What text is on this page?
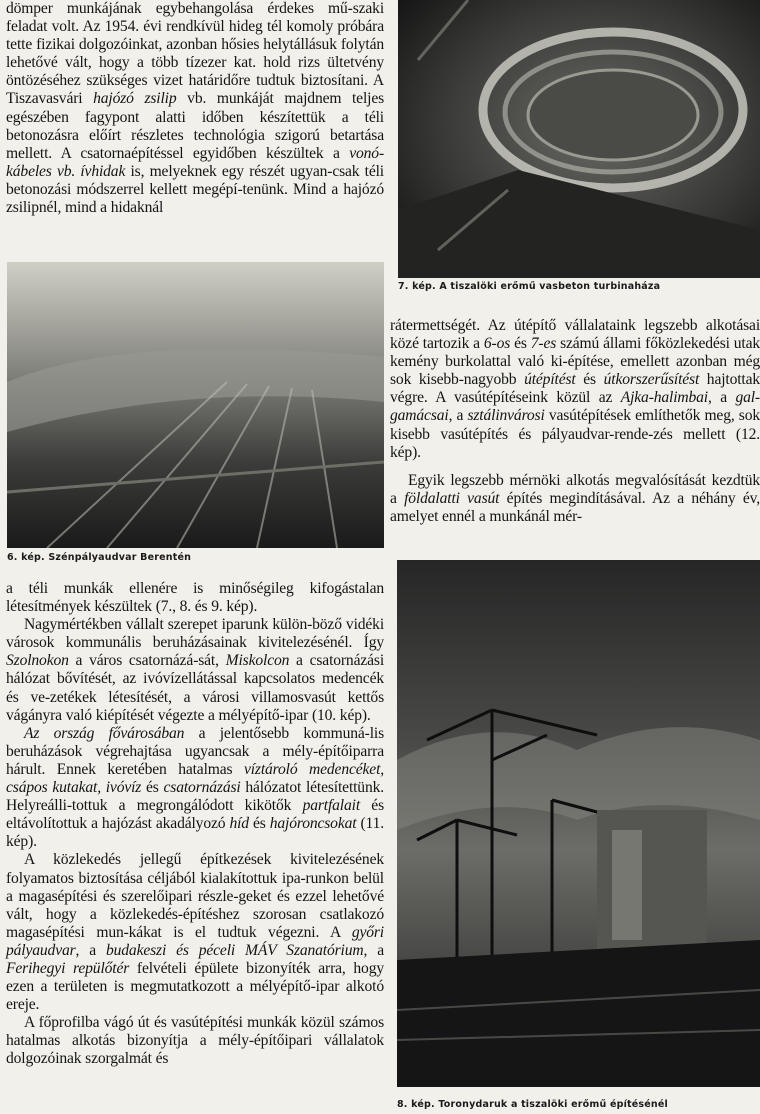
dömper munkájának egybehangolása érdekes mű-szaki feladat volt. Az 1954. évi rendkívül hideg tél komoly próbára tette fizikai dolgozóinkat, azonban hősies helytállásuk folytán lehetővé vált, hogy a több tízezer kat. hold rizs ültetvény öntözéséhez szükséges vizet határidőre tudtuk biztosítani. A Tiszavasvári hajózó zsilip vb. munkáját majdnem teljes egészében fagypont alatti időben készítettük a téli betonozásra előírt részletes technológia szigorú betartása mellett. A csatornaépítéssel egyidőben készültek a vonó-kábeles vb. ívhidak is, melyeknek egy részét ugyan-csak téli betonozási módszerrel kellett megépí-tenünk. Mind a hajózó zsilipnél, mind a hidaknál

7. kép. A tiszalöki erőmű vasbeton turbinaháza
6. kép. Szénpályaudvar Berentén

a téli munkák ellenére is minőségileg kifogástalan létesítmények készültek (7., 8. és 9. kép).

Nagymértékben vállalt szerepet iparunk külön-böző vidéki városok kommunális beruházásainak kivitelezésénél. Így Szolnokon a város csatornázá-sát, Miskolcon a csatornázási hálózat bővítését, az ivóvízellátással kapcsolatos medencék és ve-zetékek létesítését, a városi villamosvasút kettős vágányra való kiépítését végezte a mélyépítő-ipar (10. kép).

Az ország fővárosában a jelentősebb kommuná-lis beruházások végrehajtása ugyancsak a mély-építőiparra hárult. Ennek keretében hatalmas víztároló medencéket, csápos kutakat, ivóvíz és csatornázási hálózatot létesítettünk. Helyreálli-tottuk a megrongálódott kikötők partfalait és eltávolítottuk a hajózást akadályozó híd és hajóroncsokat (11. kép).

A közlekedés jellegű építkezések kivitelezésének folyamatos biztosítása céljából kialakítottuk ipa-runkon belül a magasépítési és szerelőipari részle-geket és ezzel lehetővé vált, hogy a közlekedés-építéshez szorosan csatlakozó magasépítési mun-kákat is el tudtuk végezni. A győri pályaudvar, a budakeszi és péceli MÁV Szanatórium, a Ferihegyi repülőtér felvételi épülete bizonyíték arra, hogy ezen a területen is megmutatkozott a mélyépítő-ipar alkotó ereje.

A főprofilba vágó út és vasútépítési munkák közül számos hatalmas alkotás bizonyítja a mély-építőipari vállalatok dolgozóinak szorgalmát és

rátermettségét. Az útépítő vállalataink legszebb alkotásai közé tartozik a 6-os és 7-es számú állami főközlekedési utak kemény burkolattal való ki-építése, emellett azonban még sok kisebb-nagyobb útépítést és útkorszerűsítést hajtottak végre. A vasútépítéseink közül az Ajka-halimbai, a gal-gamácsai, a sztálinvárosi vasútépítések említhetők meg, sok kisebb vasútépítés és pályaudvar-rende-zés mellett (12. kép).

Egyik legszebb mérnöki alkotás megvalósítását kezdtük a földalatti vasút építés megindításával. Az a néhány év, amelyet ennél a munkánál mér-

8. kép. Toronydaruk a tiszalöki erőmű építésénél
